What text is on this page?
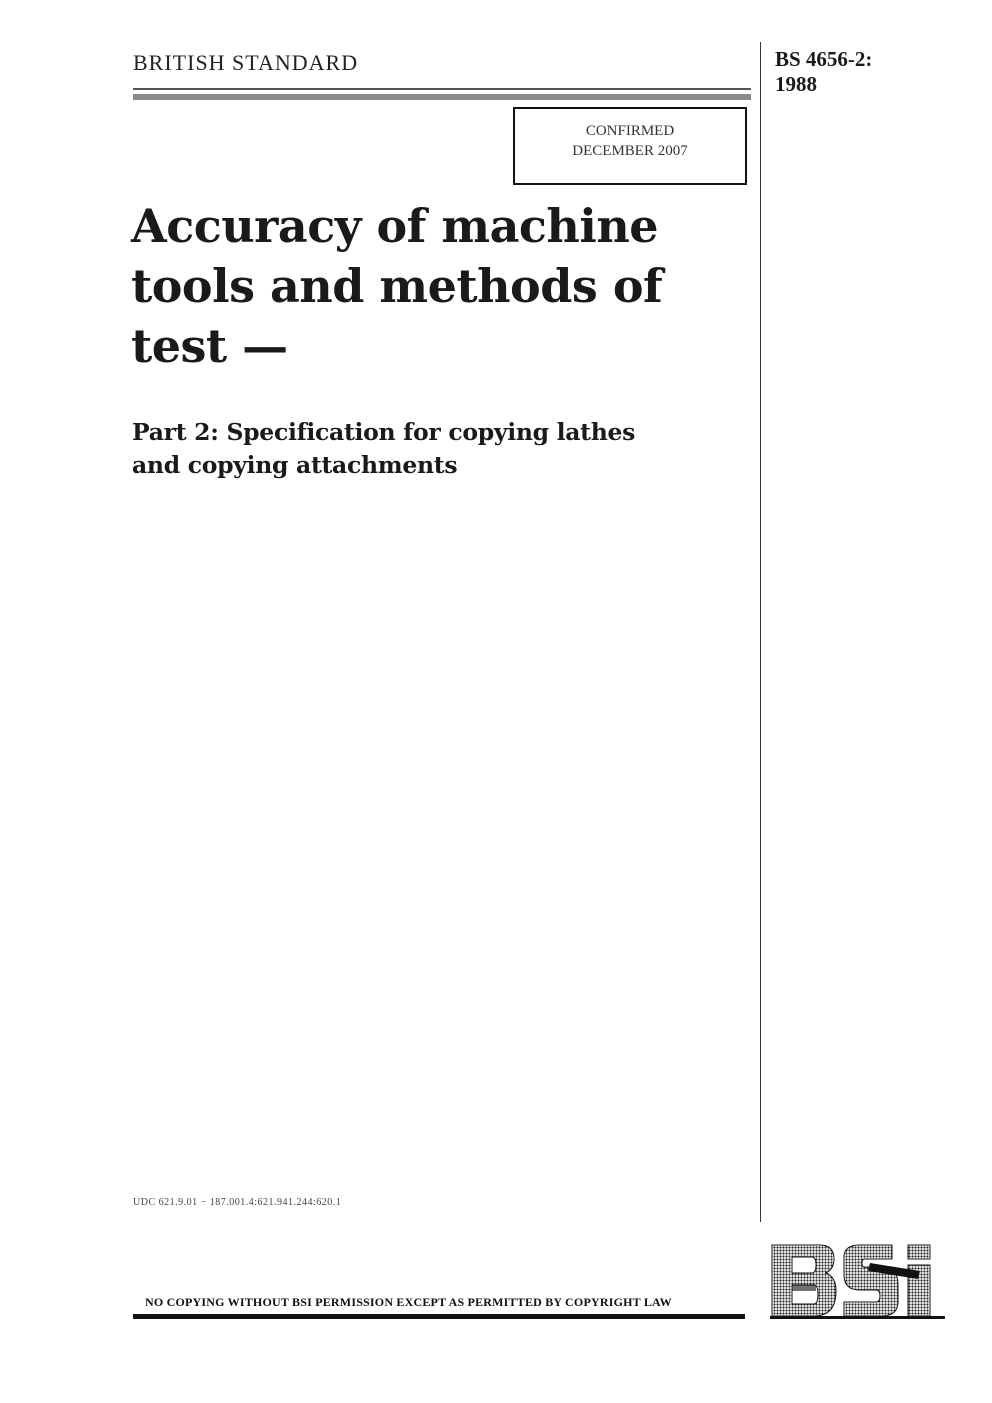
BRITISH STANDARD	BS 4656-2:
1988
CONFIRMED
DECEMBER 2007
Accuracy of machine
tools and methods of
test —
Part 2: Specification for copying lathes
and copying attachments
UDC 621.9.01 − 187.001.4:621.941.244:620.1
NO COPYING WITHOUT BSI PERMISSION EXCEPT AS PERMITTED BY COPYRIGHT LAW
